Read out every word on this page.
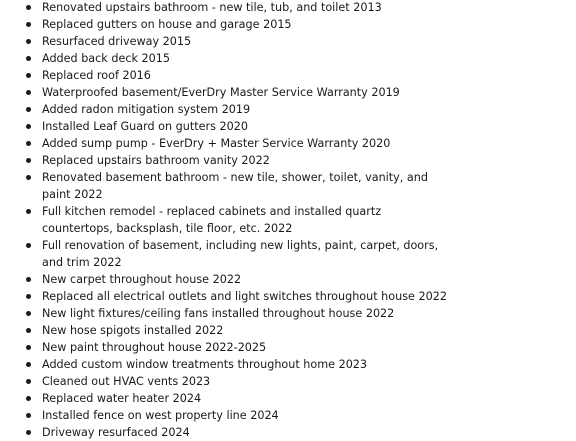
Renovated upstairs bathroom - new tile, tub, and toilet 2013
Replaced gutters on house and garage 2015
Resurfaced driveway 2015
Added back deck 2015
Replaced roof 2016
Waterproofed basement/EverDry Master Service Warranty 2019
Added radon mitigation system 2019
Installed Leaf Guard on gutters 2020
Added sump pump - EverDry + Master Service Warranty 2020
Replaced upstairs bathroom vanity 2022
Renovated basement bathroom - new tile, shower, toilet, vanity, and paint 2022
Full kitchen remodel - replaced cabinets and installed quartz countertops, backsplash, tile floor, etc. 2022
Full renovation of basement, including new lights, paint, carpet, doors, and trim 2022
New carpet throughout house 2022
Replaced all electrical outlets and light switches throughout house 2022
New light fixtures/ceiling fans installed throughout house 2022
New hose spigots installed 2022
New paint throughout house 2022-2025
Added custom window treatments throughout home 2023
Cleaned out HVAC vents 2023
Replaced water heater 2024
Installed fence on west property line 2024
Driveway resurfaced 2024
